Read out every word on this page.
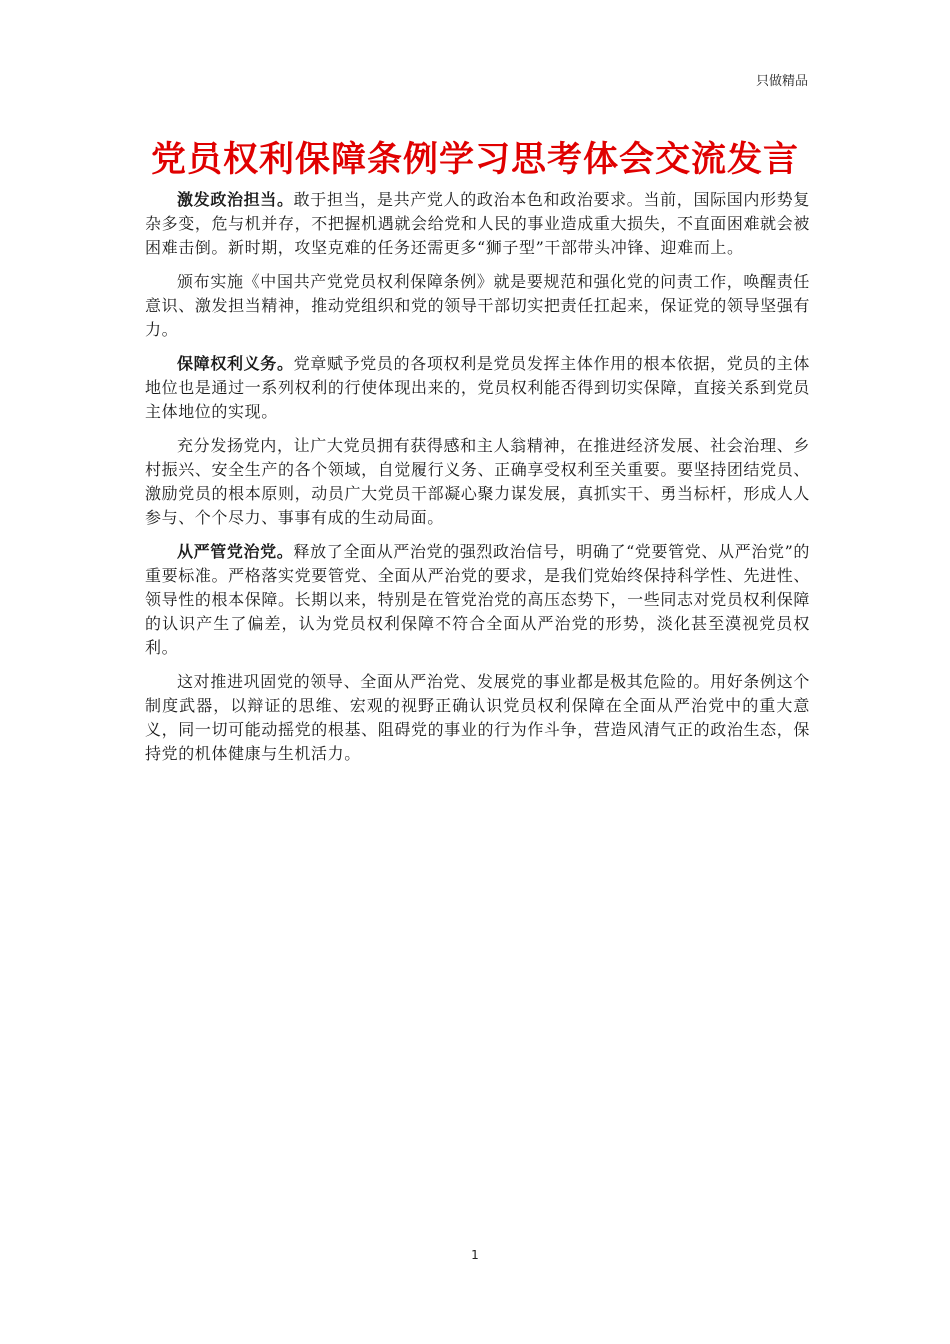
只做精品
党员权利保障条例学习思考体会交流发言

激发政治担当。敢于担当，是共产党人的政治本色和政治要求。当前，国际国内形势复杂多变，危与机并存，不把握机遇就会给党和人民的事业造成重大损失，不直面困难就会被困难击倒。新时期，攻坚克难的任务还需更多“狮子型”干部带头冲锋、迎难而上。

颁布实施《中国共产党党员权利保障条例》就是要规范和强化党的问责工作，唤醒责任意识、激发担当精神，推动党组织和党的领导干部切实把责任扛起来，保证党的领导坚强有力。

保障权利义务。党章赋予党员的各项权利是党员发挥主体作用的根本依据，党员的主体地位也是通过一系列权利的行使体现出来的，党员权利能否得到切实保障，直接关系到党员主体地位的实现。

充分发扬党内，让广大党员拥有获得感和主人翁精神，在推进经济发展、社会治理、乡村振兴、安全生产的各个领域，自觉履行义务、正确享受权利至关重要。要坚持团结党员、激励党员的根本原则，动员广大党员干部凝心聚力谋发展，真抓实干、勇当标杆，形成人人参与、个个尽力、事事有成的生动局面。

从严管党治党。释放了全面从严治党的强烈政治信号，明确了“党要管党、从严治党”的重要标准。严格落实党要管党、全面从严治党的要求，是我们党始终保持科学性、先进性、领导性的根本保障。长期以来，特别是在管党治党的高压态势下，一些同志对党员权利保障的认识产生了偏差，认为党员权利保障不符合全面从严治党的形势，淡化甚至漠视党员权利。

这对推进巩固党的领导、全面从严治党、发展党的事业都是极其危险的。用好条例这个制度武器，以辩证的思维、宏观的视野正确认识党员权利保障在全面从严治党中的重大意义，同一切可能动摇党的根基、阻碍党的事业的行为作斗争，营造风清气正的政治生态，保持党的机体健康与生机活力。

1
